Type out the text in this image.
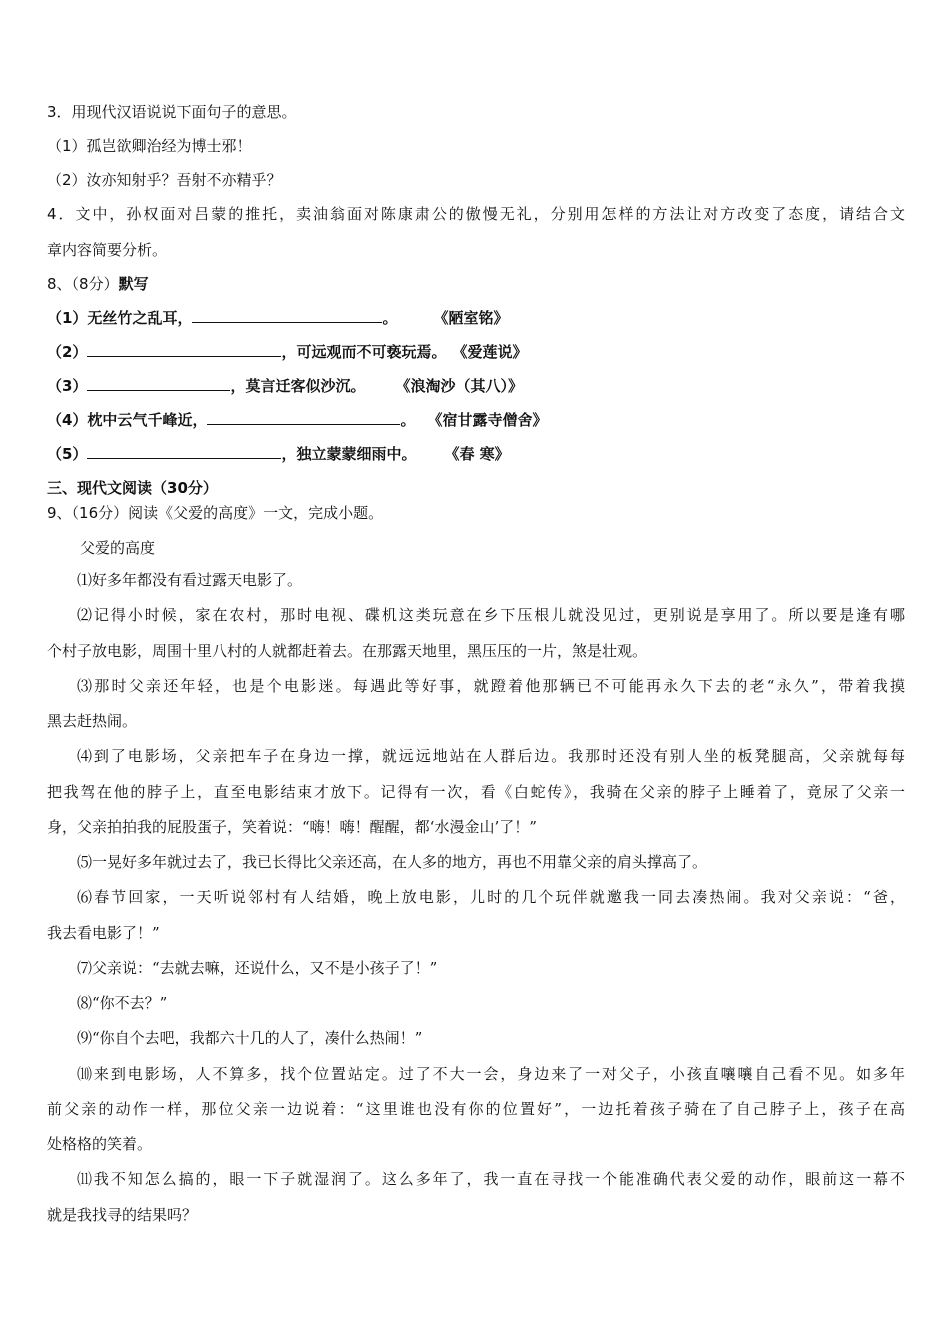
3．用现代汉语说说下面句子的意思。
（1）孤岂欲卿治经为博士邪！
（2）汝亦知射乎？吾射不亦精乎？
4．文中，孙权面对吕蒙的推托，卖油翁面对陈康肃公的傲慢无礼，分别用怎样的方法让对方改变了态度，请结合文
章内容简要分析。
8、（8分）默写
（1）无丝竹之乱耳，	。 《陋室铭》
（2）	，可远观而不可亵玩焉。 《爱莲说》
（3）	，莫言迁客似沙沉。 《浪淘沙（其八）》
（4）枕中云气千峰近，	。 《宿甘露寺僧舍》
（5）	，独立蒙蒙细雨中。 《春 寒》
三、现代文阅读（30分）
9、（16分）阅读《父爱的高度》一文，完成小题。
父爱的高度
⑴好多年都没有看过露天电影了。
⑵记得小时候，家在农村，那时电视、碟机这类玩意在乡下压根儿就没见过，更别说是享用了。所以要是逢有哪
个村子放电影，周围十里八村的人就都赶着去。在那露天地里，黑压压的一片，煞是壮观。
⑶那时父亲还年轻，也是个电影迷。每遇此等好事，就蹬着他那辆已不可能再永久下去的老“永久”，带着我摸
黑去赶热闹。
⑷到了电影场，父亲把车子在身边一撑，就远远地站在人群后边。我那时还没有别人坐的板凳腿高，父亲就每每
把我驾在他的脖子上，直至电影结束才放下。记得有一次，看《白蛇传》，我骑在父亲的脖子上睡着了，竟尿了父亲一
身，父亲拍拍我的屁股蛋子，笑着说：“嗨！嗨！醒醒，都‘水漫金山’了！”
⑸一晃好多年就过去了，我已长得比父亲还高，在人多的地方，再也不用靠父亲的肩头撑高了。
⑹春节回家，一天听说邻村有人结婚，晚上放电影，儿时的几个玩伴就邀我一同去凑热闹。我对父亲说：“爸，
我去看电影了！”
⑺父亲说：“去就去嘛，还说什么，又不是小孩子了！”
⑻“你不去？”
⑼“你自个去吧，我都六十几的人了，凑什么热闹！”
⑽来到电影场，人不算多，找个位置站定。过了不大一会，身边来了一对父子，小孩直嚷嚷自己看不见。如多年
前父亲的动作一样，那位父亲一边说着：“这里谁也没有你的位置好”，一边托着孩子骑在了自己脖子上，孩子在高
处格格的笑着。
⑾我不知怎么搞的，眼一下子就湿润了。这么多年了，我一直在寻找一个能准确代表父爱的动作，眼前这一幕不
就是我找寻的结果吗？
